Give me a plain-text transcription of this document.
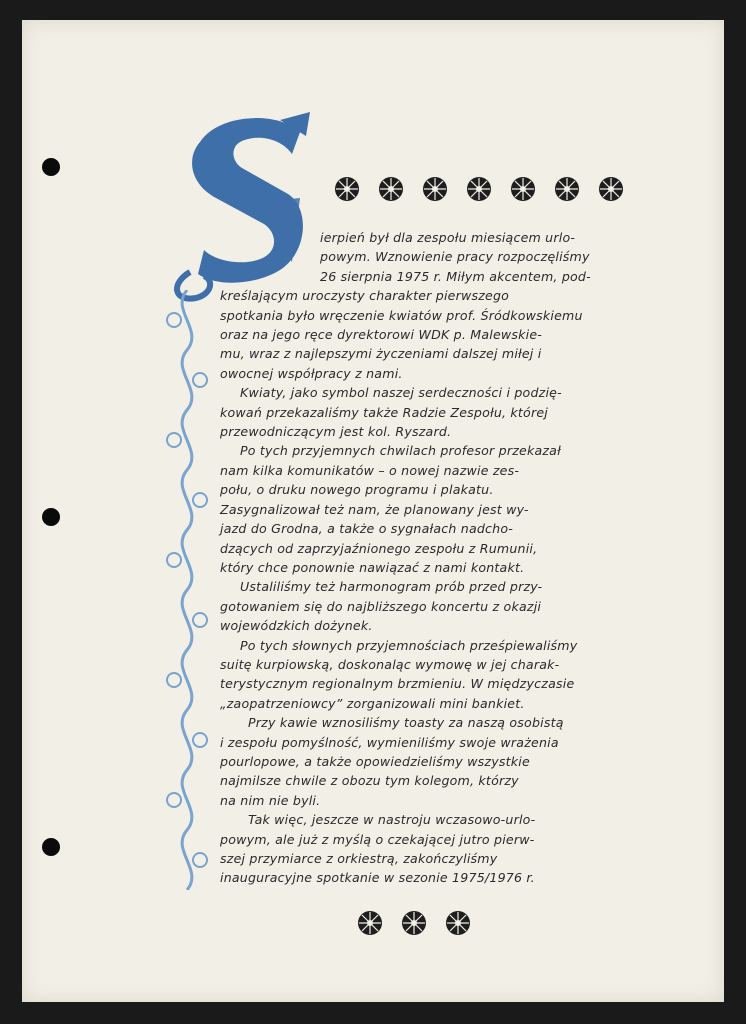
ierpień był dla zespołu miesiącem urlo-
powym. Wznowienie pracy rozpoczęliśmy
26 sierpnia 1975 r. Miłym akcentem, pod-
kreślającym uroczysty charakter pierwszego
spotkania było wręczenie kwiatów prof. Śródkowskiemu
oraz na jego ręce dyrektorowi WDK p. Malewskie-
mu, wraz z najlepszymi życzeniami dalszej miłej i
owocnej współpracy z nami.
Kwiaty, jako symbol naszej serdeczności i podzię-
kowań przekazaliśmy także Radzie Zespołu, której
przewodniczącym jest kol. Ryszard.
Po tych przyjemnych chwilach profesor przekazał
nam kilka komunikatów – o nowej nazwie zes-
połu, o druku nowego programu i plakatu.
Zasygnalizował też nam, że planowany jest wy-
jazd do Grodna, a także o sygnałach nadcho-
dzących od zaprzyjaźnionego zespołu z Rumunii,
który chce ponownie nawiązać z nami kontakt.
Ustaliliśmy też harmonogram prób przed przy-
gotowaniem się do najbliższego koncertu z okazji
wojewódzkich dożynek.
Po tych słownych przyjemnościach prześpiewaliśmy
suitę kurpiowską, doskonaląc wymowę w jej charak-
terystycznym regionalnym brzmieniu. W międzyczasie
„zaopatrzeniowcy” zorganizowali mini bankiet.
Przy kawie wznosiliśmy toasty za naszą osobistą
i zespołu pomyślność, wymieniliśmy swoje wrażenia
pourlopowe, a także opowiedzieliśmy wszystkie
najmilsze chwile z obozu tym kolegom, którzy
na nim nie byli.
Tak więc, jeszcze w nastroju wczasowo-urlo-
powym, ale już z myślą o czekającej jutro pierw-
szej przymiarce z orkiestrą, zakończyliśmy
inauguracyjne spotkanie w sezonie 1975/1976 r.
